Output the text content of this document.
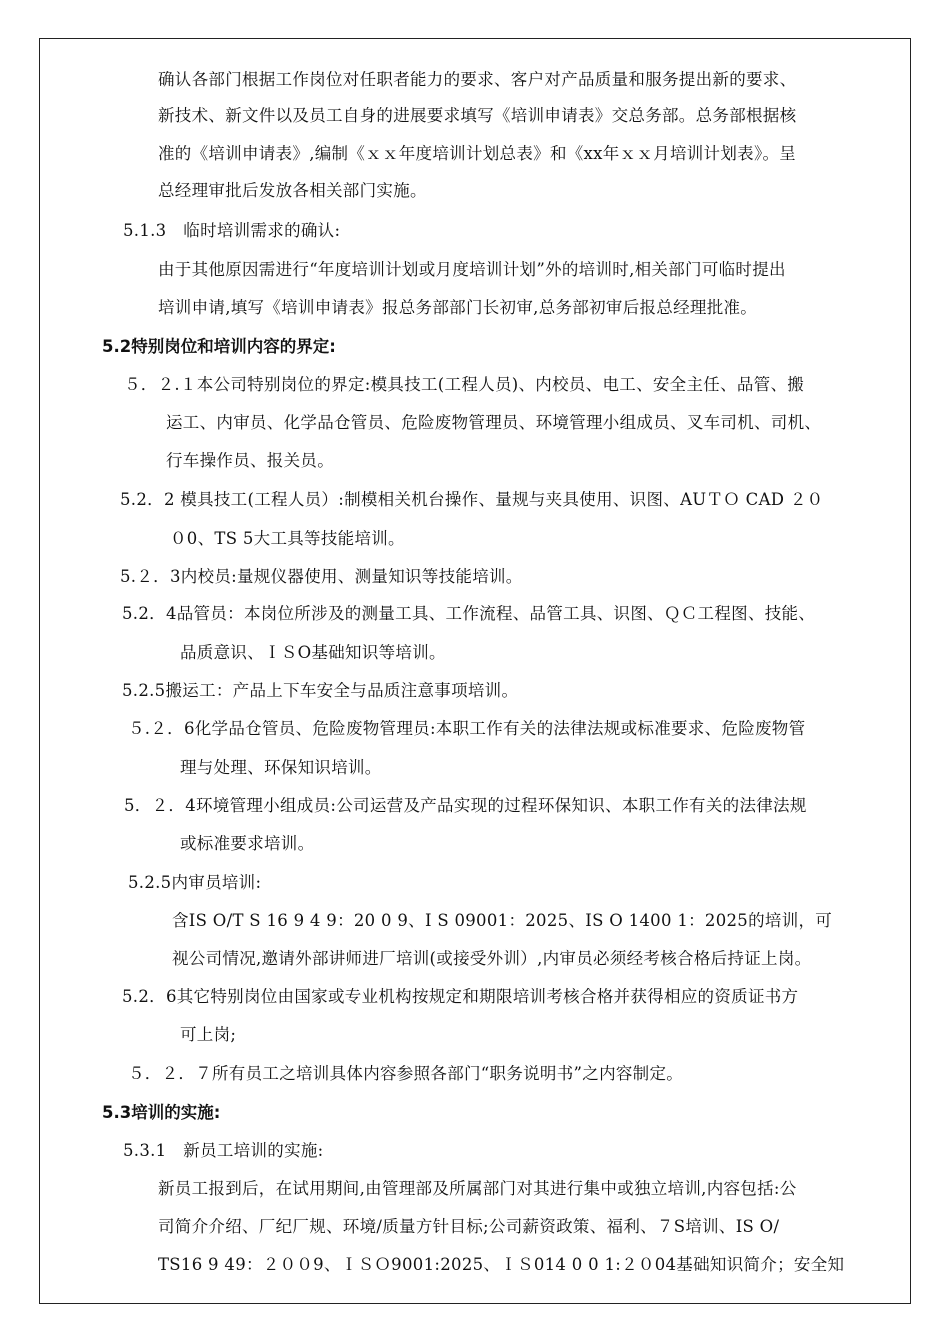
确认各部门根据工作岗位对任职者能力的要求、客户对产品质量和服务提出新的要求、
新技术、新文件以及员工自身的进展要求填写《培训申请表》交总务部。总务部根据核
准的《培训申请表》,编制《ｘｘ年度培训计划总表》和《xx年ｘｘ月培训计划表》。呈
总经理审批后发放各相关部门实施。
5.1.3　临时培训需求的确认:
由于其他原因需进行“年度培训计划或月度培训计划”外的培训时,相关部门可临时提出
培训申请,填写《培训申请表》报总务部部门长初审,总务部初审后报总经理批准。
5.2特别岗位和培训内容的界定:
５．２.１本公司特别岗位的界定:模具技工(工程人员)、内校员、电工、安全主任、品管、搬
运工、内审员、化学品仓管员、危险废物管理员、环境管理小组成员、叉车司机、司机、
行车操作员、报关员。
5.2．2 模具技工(工程人员）:制模相关机台操作、量规与夹具使用、识图、AUＴＯ CAD ２０
０0、TS 5大工具等技能培训。
5.２．3内校员:量规仪器使用、测量知识等技能培训。
5.2．4品管员：本岗位所涉及的测量工具、工作流程、品管工具、识图、ＱＣ工程图、技能、
品质意识、ＩＳO基础知识等培训。
5.2.5搬运工：产品上下车安全与品质注意事项培训。
５.２．6化学品仓管员、危险废物管理员:本职工作有关的法律法规或标准要求、危险废物管
理与处理、环保知识培训。
5．２．4环境管理小组成员:公司运营及产品实现的过程环保知识、本职工作有关的法律法规
或标准要求培训。
5.2.5内审员培训:
含IS O/T S 16 9 4 9：20 0 9、I S 09001：2025、IS O 1400 1：2025的培训，可
视公司情况,邀请外部讲师进厂培训(或接受外训）,内审员必须经考核合格后持证上岗。
5.2．6其它特别岗位由国家或专业机构按规定和期限培训考核合格并获得相应的资质证书方
可上岗;
５．２．７所有员工之培训具体内容参照各部门“职务说明书”之内容制定。
5.3培训的实施:
5.3.1　新员工培训的实施:
新员工报到后，在试用期间,由管理部及所属部门对其进行集中或独立培训,内容包括:公
司简介介绍、厂纪厂规、环境/质量方针目标;公司薪资政策、福利、７S培训、IS O/
TS16 9 49：２００9、ＩＳＯ9001:2025、ＩＳ014 0 0 1:２０04基础知识简介；安全知
